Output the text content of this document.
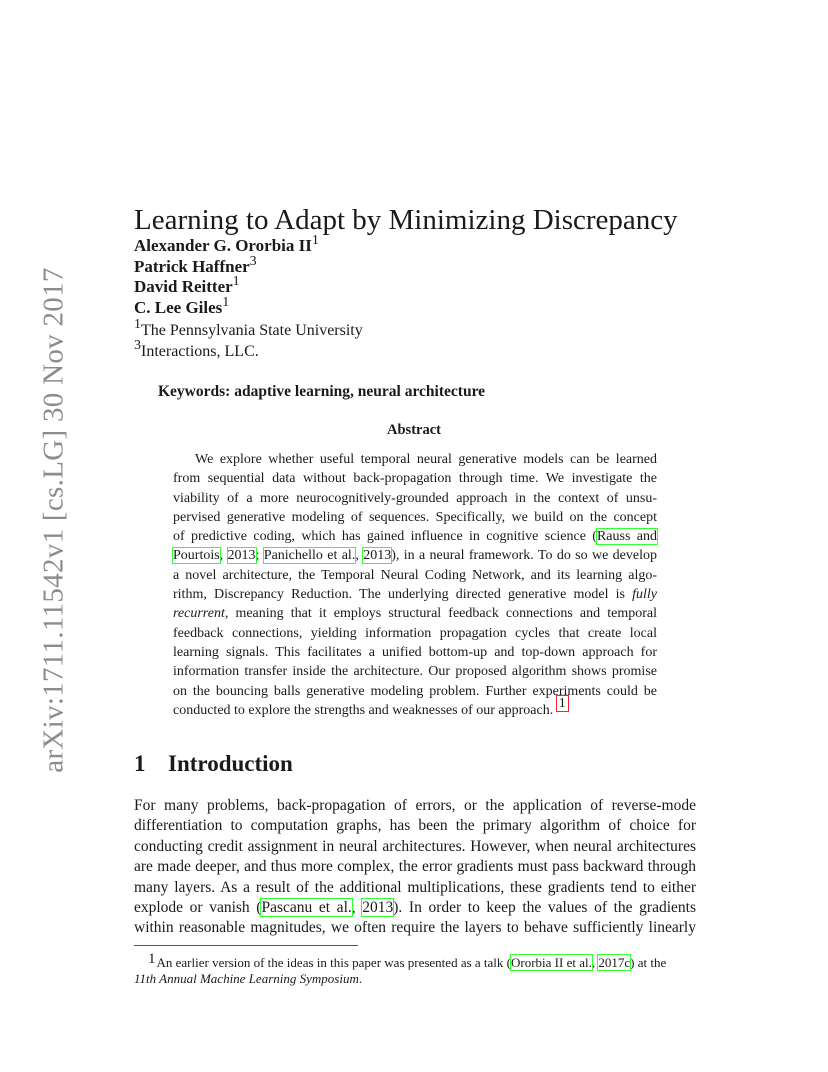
arXiv:1711.11542v1 [cs.LG] 30 Nov 2017
Learning to Adapt by Minimizing Discrepancy
Alexander G. Ororbia $II^1$
Patrick Haffner$^3$
David Reitter$^1$
C. Lee Giles$^1$
$^1$The Pennsylvania State University
$^3$Interactions, LLC.
Keywords: adaptive learning, neural architecture
Abstract
We explore whether useful temporal neural generative models can be learned
from sequential data without back-propagation through time. We investigate the
viability of a more neurocognitively-grounded approach in the context of unsu-
pervised generative modeling of sequences. Specifically, we build on the concept
of predictive coding, which has gained influence in cognitive science (Rauss and
Pourtois, 2013; Panichello et al., 2013), in a neural framework. To do so we develop
a novel architecture, the Temporal Neural Coding Network, and its learning algo-
rithm, Discrepancy Reduction. The underlying directed generative model is fully
recurrent, meaning that it employs structural feedback connections and temporal
feedback connections, yielding information propagation cycles that create local
learning signals. This facilitates a unified bottom-up and top-down approach for
information transfer inside the architecture. Our proposed algorithm shows promise
on the bouncing balls generative modeling problem. Further experiments could be
conducted to explore the strengths and weaknesses of our approach. $^1$
1 Introduction
For many problems, back-propagation of errors, or the application of reverse-mode
differentiation to computation graphs, has been the primary algorithm of choice for
conducting credit assignment in neural architectures. However, when neural architectures
are made deeper, and thus more complex, the error gradients must pass backward through
many layers. As a result of the additional multiplications, these gradients tend to either
explode or vanish (Pascanu et al., 2013). In order to keep the values of the gradients
within reasonable magnitudes, we often require the layers to behave sufficiently linearly
1An earlier version of the ideas in this paper was presented as a talk (Ororbia II et al., 2017c) at the
11th Annual Machine Learning Symposium.
